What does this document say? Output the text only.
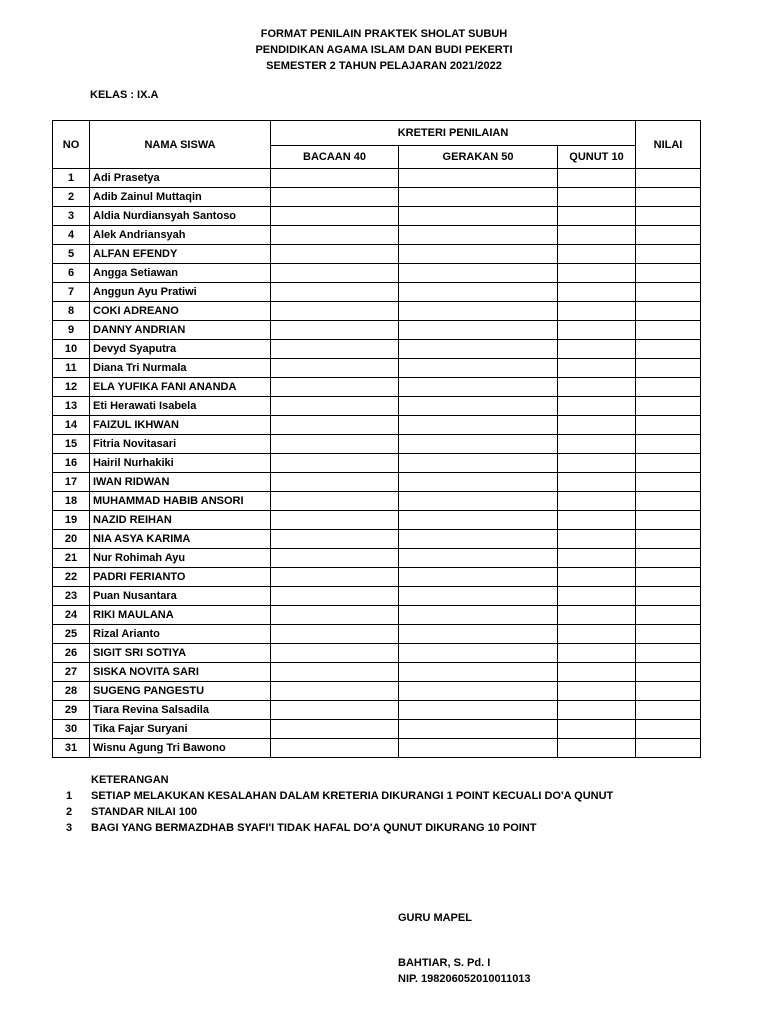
FORMAT PENILAIN PRAKTEK SHOLAT SUBUH
PENDIDIKAN AGAMA ISLAM DAN BUDI PEKERTI
SEMESTER 2 TAHUN PELAJARAN 2021/2022
KELAS : IX.A
NO	NAMA SISWA	KRETERI PENILAIAN			NILAI
		BACAAN 40	GERAKAN 50	QUNUT 10	
1	Adi Prasetya				
2	Adib Zainul Muttaqin				
3	Aldia Nurdiansyah Santoso				
4	Alek Andriansyah				
5	ALFAN EFENDY				
6	Angga Setiawan				
7	Anggun Ayu Pratiwi				
8	COKI ADREANO				
9	DANNY ANDRIAN				
10	Devyd Syaputra				
11	Diana Tri Nurmala				
12	ELA YUFIKA FANI ANANDA				
13	Eti Herawati Isabela				
14	FAIZUL IKHWAN				
15	Fitria Novitasari				
16	Hairil Nurhakiki				
17	IWAN RIDWAN				
18	MUHAMMAD HABIB ANSORI				
19	NAZID REIHAN				
20	NIA ASYA KARIMA				
21	Nur Rohimah Ayu				
22	PADRI FERIANTO				
23	Puan Nusantara				
24	RIKI MAULANA				
25	Rizal Arianto				
26	SIGIT SRI SOTIYA				
27	SISKA NOVITA SARI				
28	SUGENG PANGESTU				
29	Tiara Revina Salsadila				
30	Tika Fajar Suryani				
31	Wisnu Agung Tri Bawono				
KETERANGAN
1 SETIAP MELAKUKAN KESALAHAN DALAM KRETERIA DIKURANGI 1 POINT KECUALI DO'A QUNUT
2 STANDAR NILAI 100
3 BAGI YANG BERMAZDHAB SYAFI'I TIDAK HAFAL DO'A QUNUT DIKURANG 10 POINT
GURU MAPEL
BAHTIAR, S. Pd. I
NIP. 198206052010011013
